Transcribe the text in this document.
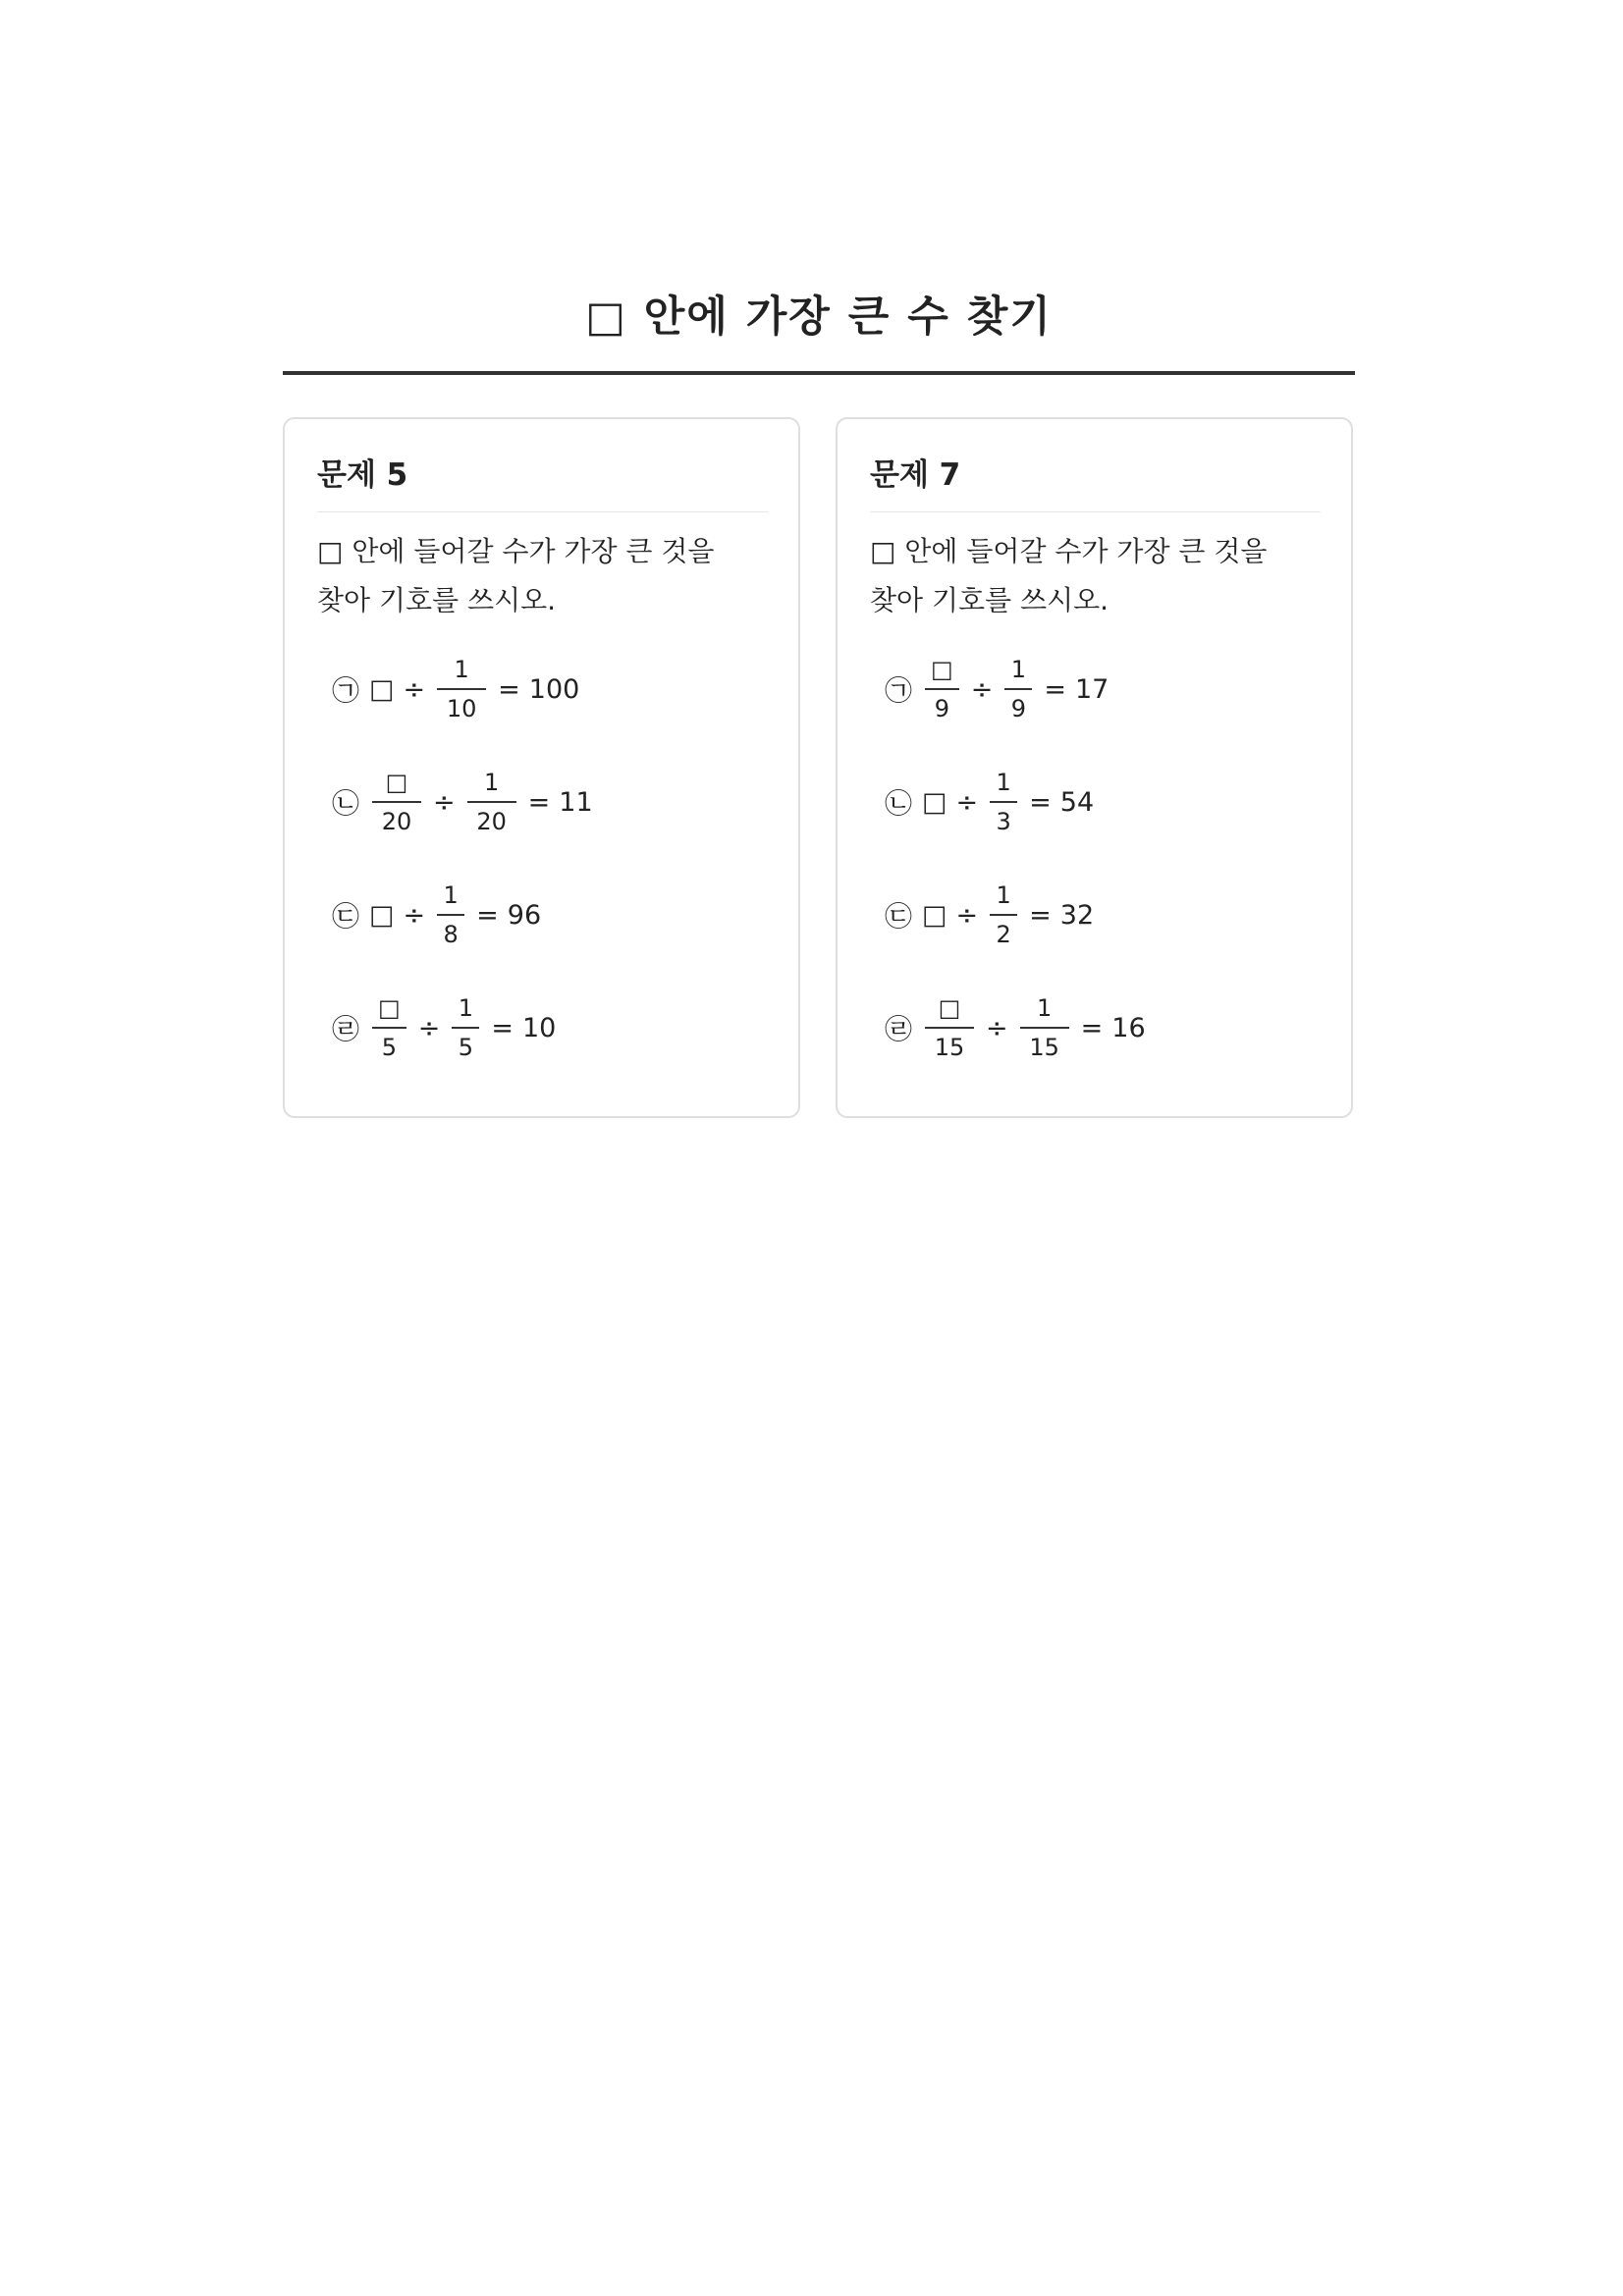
□ 안에 가장 큰 수 찾기
문제 5
□ 안에 들어갈 수가 가장 큰 것을 찾아 기호를 쓰시오.
㉠ □ ÷ $\frac{1}{10} = 100$
㉡ $\frac{□}{20} \div \frac{1}{20} = 11$
㉢ □ ÷ $\frac{1}{8} = 96$
㉣ $\frac{□}{5} \div \frac{1}{5} = 10$
문제 7
□ 안에 들어갈 수가 가장 큰 것을 찾아 기호를 쓰시오.
㉠ $\frac{□}{9} \div \frac{1}{9} = 17$
㉡ □ ÷ $\frac{1}{3} = 54$
㉢ □ ÷ $\frac{1}{2} = 32$
㉣ $\frac{□}{15} \div \frac{1}{15} = 16$
